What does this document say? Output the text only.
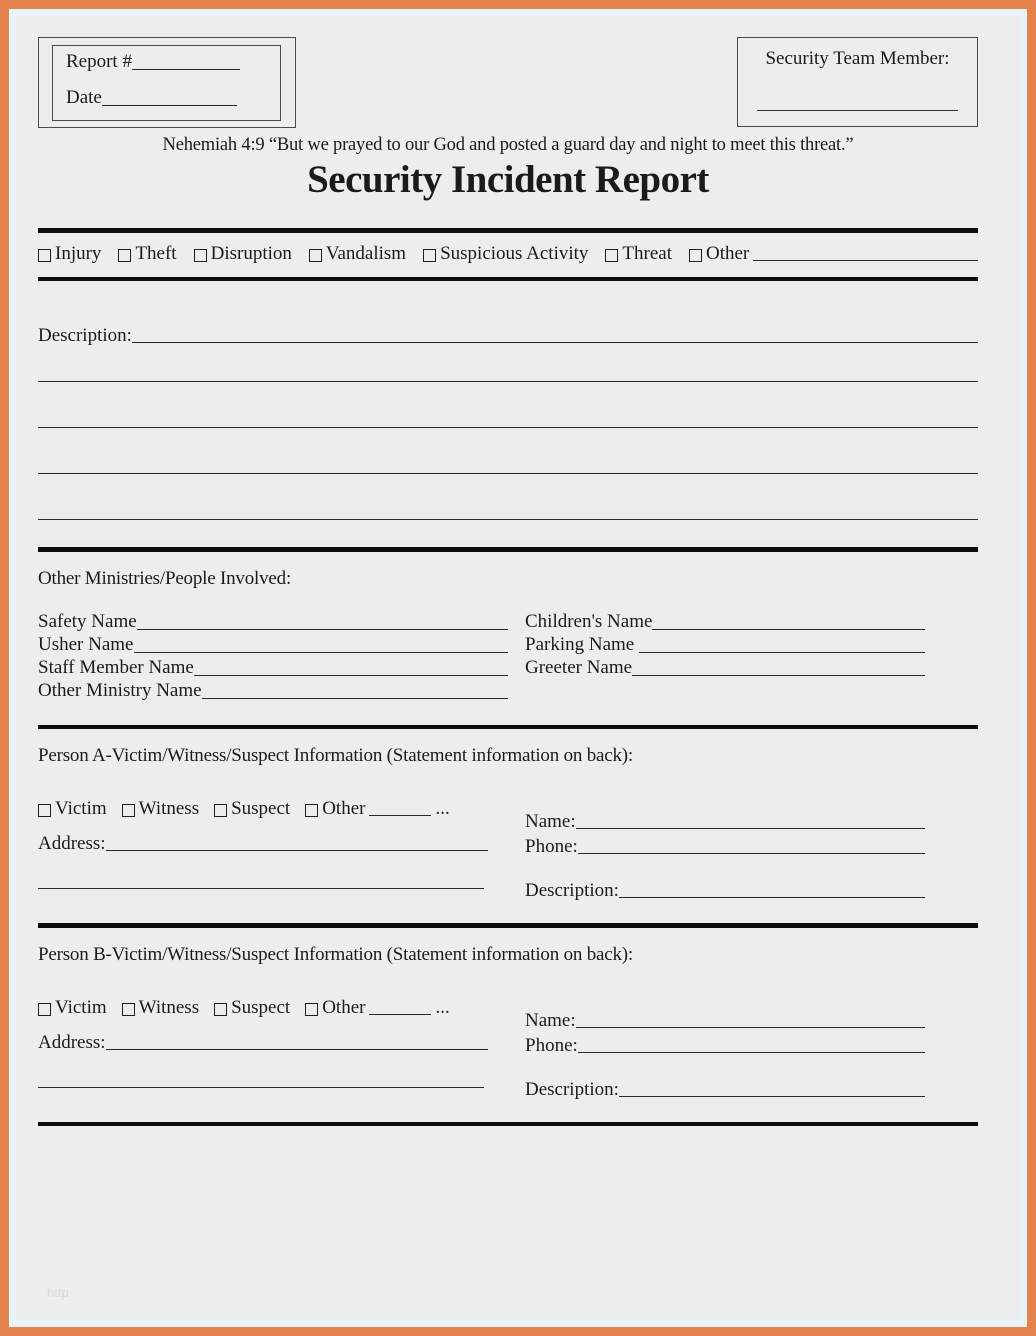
Report #
Date
Security Team Member:
Nehemiah 4:9 “But we prayed to our God and posted a guard day and night to meet this threat.”
Security Incident Report
Injury Theft Disruption Vandalism Suspicious Activity Threat Other
Description:
Other Ministries/People Involved:
Safety Name
Usher Name
Staff Member Name
Other Ministry Name
Children's Name
Parking Name
Greeter Name
Person A-Victim/Witness/Suspect Information (Statement information on back):
Victim Witness Suspect Other	...
Address:
Name:
Phone:
Description:
Person B-Victim/Witness/Suspect Information (Statement information on back):
Victim Witness Suspect Other	...
Address:
Name:
Phone:
Description:
http
